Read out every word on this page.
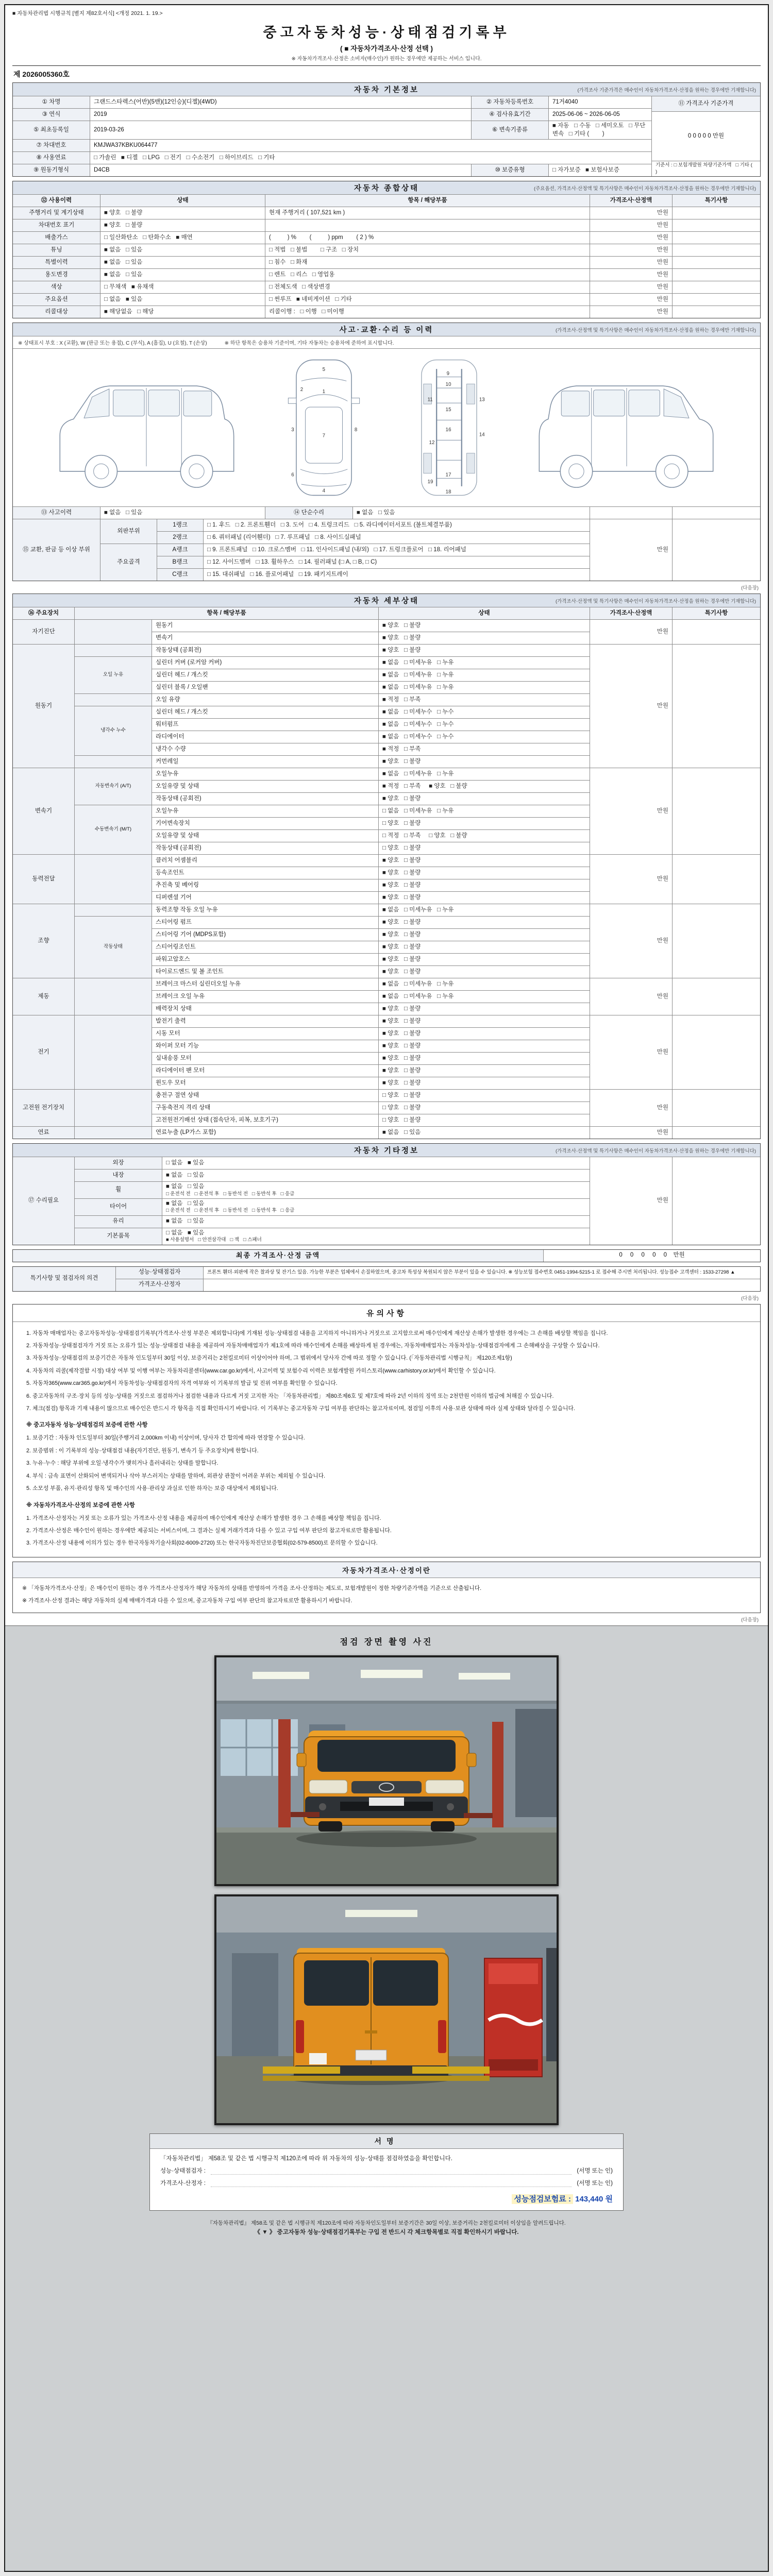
■ 자동차관리법 시행규칙 [별지 제82호서식] <개정 2021. 1. 19.>
중고자동차성능·상태점검기록부
( ■ 자동차가격조사·산정 선택 )
※ 자동차가격조사·산정은 소비자(매수인)가 원하는 경우에만 제공하는 서비스 입니다.
제 2026005360호
자동차 기본정보	(가격조사 기준가격은 매수인이 자동차가격조사·산정을 원하는 경우에만 기재합니다)
① 차명	그랜드스타렉스(어반)(5밴)(12인승)(디젤)(4WD)	② 자동차등록번호	71거4040
③ 연식	2019	④ 검사유효기간	2025-06-06 ~ 2026-06-05
⑤ 최초등록일	2019-03-26	⑥ 변속기종류
■ 자동   □ 수동   □ 세미오토   □ 무단변속   □ 기타 (        )
⑦ 차대번호	KMJWA37KBKU064477
⑧ 사용연료	□ 가솔린   ■ 디젤   □ LPG   □ 전기   □ 수소전기   □ 하이브리드   □ 기타
⑨ 원동기형식	D4CB	⑩ 보증유형	□ 자가보증   ■ 보험사보증
⑪ 가격조사 기준가격
0 0 0 0 0
만원
기준서 : □ 보험개발원 차량기준가액   □ 기타 (        )
자동차 종합상태	(주요옵션, 가격조사·산정액 및 특기사항은 매수인이 자동차가격조사·산정을 원하는 경우에만 기재합니다)
⑫ 사용이력	상태	항목 / 해당부품	가격조사·산정액	특기사항
주행거리 및 계기상태	■ 양호   □ 불량	현재 주행거리 ( 107,521 km )	만원
차대번호 표기	■ 양호   □ 불량	만원
배출가스	□ 일산화탄소   □ 탄화수소   ■ 매연	(          ) %        (          ) ppm        ( 2 ) %	만원
튜닝	■ 없음   □ 있음	□ 적법   □ 불법        □ 구조   □ 장치	만원
특별이력	■ 없음   □ 있음	□ 침수   □ 화재	만원
용도변경	■ 없음   □ 있음	□ 렌트   □ 리스   □ 영업용	만원
색상	□ 무채색   ■ 유채색	□ 전체도색   □ 색상변경	만원
주요옵션	□ 없음   ■ 있음	□ 썬루프   ■ 네비게이션   □ 기타	만원
리콜대상	■ 해당없음   □ 해당	리콜이행 :   □ 이행   □ 미이행	만원
사고·교환·수리 등 이력	(가격조사·산정액 및 특기사항은 매수인이 자동차가격조사·산정을 원하는 경우에만 기재합니다)
※ 상태표시 부호 : X (교환), W (판금 또는 용접), C (부식), A (흠집), U (요철), T (손상)	※ 하단 항목은 승용차 기준이며, 기타 자동차는 승용차에 준하여 표시합니다.
5
1
2
3
6
7
4
8
9
10
11
15
12
16
13
14
17
19
18
⑬ 사고이력	■ 없음   □ 있음	⑭ 단순수리	■ 없음   □ 있음
⑮ 교환, 판금 등 이상 부위
외판부위
1랭크	□ 1. 후드   □ 2. 프론트휀더   □ 3. 도어   □ 4. 트렁크리드   □ 5. 라디에이터서포트 (볼트체결부품)
2랭크	□ 6. 쿼터패널 (리어휀더)   □ 7. 루프패널   □ 8. 사이드실패널
주요골격
A랭크	□ 9. 프론트패널   □ 10. 크로스멤버   □ 11. 인사이드패널 (내/외)   □ 17. 트렁크플로어   □ 18. 리어패널
B랭크	□ 12. 사이드멤버   □ 13. 휠하우스   □ 14. 필러패널 (□ A, □ B, □ C)
C랭크	□ 15. 대쉬패널   □ 16. 플로어패널   □ 19. 패키지트레이
만원
(다음장)
자동차 세부상태	(가격조사·산정액 및 특기사항은 매수인이 자동차가격조사·산정을 원하는 경우에만 기재합니다)
⑯ 주요장치	항목 / 해당부품	상태	가격조사·산정액	특기사항
자기진단
원동기	■ 양호   □ 불량
변속기	■ 양호   □ 불량
만원
원동기
작동상태 (공회전)	■ 양호   □ 불량
오일 누유
실린더 커버 (로커암 커버)	■ 없음   □ 미세누유   □ 누유
실린더 헤드 / 개스킷	■ 없음   □ 미세누유   □ 누유
실린더 블록 / 오일팬	■ 없음   □ 미세누유   □ 누유
오일 유량	■ 적정   □ 부족
냉각수 누수
실린더 헤드 / 개스킷	■ 없음   □ 미세누수   □ 누수
워터펌프	■ 없음   □ 미세누수   □ 누수
라디에이터	■ 없음   □ 미세누수   □ 누수
냉각수 수량	■ 적정   □ 부족
커먼레일	■ 양호   □ 불량
만원
변속기
자동변속기 (A/T)
오일누유	■ 없음   □ 미세누유   □ 누유
오일유량 및 상태	■ 적정   □ 부족     ■ 양호   □ 불량
작동상태 (공회전)	■ 양호   □ 불량
수동변속기 (M/T)
오일누유	□ 없음   □ 미세누유   □ 누유
기어변속장치	□ 양호   □ 불량
오일유량 및 상태	□ 적정   □ 부족     □ 양호   □ 불량
작동상태 (공회전)	□ 양호   □ 불량
만원
동력전달
클러치 어셈블리	■ 양호   □ 불량
등속조인트	■ 양호   □ 불량
추진축 및 베어링	■ 양호   □ 불량
디퍼렌셜 기어	■ 양호   □ 불량
만원
조향
동력조향 작동 오일 누유	■ 없음   □ 미세누유   □ 누유
작동상태
스티어링 펌프	■ 양호   □ 불량
스티어링 기어 (MDPS포함)	■ 양호   □ 불량
스티어링조인트	■ 양호   □ 불량
파워고압호스	■ 양호   □ 불량
타이로드엔드 및 볼 조인트	■ 양호   □ 불량
만원
제동
브레이크 마스터 실린더오일 누유	■ 없음   □ 미세누유   □ 누유
브레이크 오일 누유	■ 없음   □ 미세누유   □ 누유
배력장치 상태	■ 양호   □ 불량
만원
전기
발전기 출력	■ 양호   □ 불량
시동 모터	■ 양호   □ 불량
와이퍼 모터 기능	■ 양호   □ 불량
실내송풍 모터	■ 양호   □ 불량
라디에이터 팬 모터	■ 양호   □ 불량
윈도우 모터	■ 양호   □ 불량
만원
고전원 전기장치
충전구 절연 상태	□ 양호   □ 불량
구동축전지 격리 상태	□ 양호   □ 불량
고전원전기배선 상태 (접속단자, 피복, 보호기구)	□ 양호   □ 불량
만원
연료	연료누출 (LP가스 포함)	■ 없음   □ 있음	만원
자동차 기타정보	(가격조사·산정액 및 특기사항은 매수인이 자동차가격조사·산정을 원하는 경우에만 기재합니다)
⑰ 수리필요
외장	□ 없음   ■ 있음
내장	■ 없음   □ 있음
휠
■ 없음   □ 있음
□ 운전석 전   □ 운전석 후   □ 동반석 전   □ 동반석 후   □ 응급
타이어
■ 없음   □ 있음
□ 운전석 전   □ 운전석 후   □ 동반석 전   □ 동반석 후   □ 응급
유리	■ 없음   □ 있음
기본품목
□ 없음   ■ 있음
■ 사용설명서   □ 안전삼각대   □ 잭   □ 스패너
만원
최종 가격조사·산정 금액	0 0 0 0 0
만원
특기사항 및 점검자의 의견
성능·상태점검자	프론트 휀더·외판에 작은 찰과상 및 잔기스 있음. 가능한 부분은 업체에서 손질하였으며, 중고차 특성상 복원되지 않은 부분이 있을 수 있습니다. ※ 성능보험 접수번호 0451-1994-5215-1 로 접수해 주시면 처리됩니다. 성능접수 고객센터 : 1533-27298 ▲
가격조사·산정자
(다음장)
유의사항

1. 자동차 매매업자는 중고자동차성능·상태점검기록부(가격조사·산정 부분은 제외합니다)에 기재된 성능·상태점검 내용을 고지하지 아니하거나 거짓으로 고지함으로써 매수인에게 재산상 손해가 발생한 경우에는 그 손해를 배상할 책임을 집니다.

2. 자동차성능·상태점검자가 거짓 또는 오류가 있는 성능·상태점검 내용을 제공하여 자동차매매업자가 제1호에 따라 매수인에게 손해를 배상하게 된 경우에는, 자동차매매업자는 자동차성능·상태점검자에게 그 손해배상을 구상할 수 있습니다.

3. 자동차성능·상태점검의 보증기간은 자동차 인도일부터 30일 이상, 보증거리는 2천킬로미터 이상이어야 하며, 그 범위에서 당사자 간에 따로 정할 수 있습니다. (「자동차관리법 시행규칙」 제120조제1항)

4. 자동차의 리콜(제작결함 시정) 대상 여부 및 이행 여부는 자동차리콜센터(www.car.go.kr)에서, 사고이력 및 보험수리 이력은 보험개발원 카히스토리(www.carhistory.or.kr)에서 확인할 수 있습니다.

5. 자동차365(www.car365.go.kr)에서 자동차성능·상태점검자의 자격 여부와 이 기록부의 발급 및 진위 여부를 확인할 수 있습니다.

6. 중고자동차의 구조·장치 등의 성능·상태를 거짓으로 점검하거나 점검한 내용과 다르게 거짓 고지한 자는 「자동차관리법」 제80조제6호 및 제7호에 따라 2년 이하의 징역 또는 2천만원 이하의 벌금에 처해질 수 있습니다.

7. 체크(점검) 항목과 기재 내용이 많으므로 매수인은 반드시 각 항목을 직접 확인하시기 바랍니다. 이 기록부는 중고자동차 구입 여부를 판단하는 참고자료이며, 점검일 이후의 사용·보관 상태에 따라 실제 상태와 달라질 수 있습니다.

※ 중고자동차 성능·상태점검의 보증에 관한 사항

1. 보증기간 : 자동차 인도일부터 30일(주행거리 2,000km 이내) 이상이며, 당사자 간 합의에 따라 연장할 수 있습니다.

2. 보증범위 : 이 기록부의 성능·상태점검 내용(자기진단, 원동기, 변속기 등 주요장치)에 한합니다.

3. 누유·누수 : 해당 부위에 오일·냉각수가 맺히거나 흘러내리는 상태를 말합니다.

4. 부식 : 금속 표면이 산화되어 변색되거나 삭아 부스러지는 상태를 말하며, 외관상 관찰이 어려운 부위는 제외될 수 있습니다.

5. 소모성 부품, 유지·관리성 항목 및 매수인의 사용·관리상 과실로 인한 하자는 보증 대상에서 제외됩니다.

※ 자동차가격조사·산정의 보증에 관한 사항

1. 가격조사·산정자는 거짓 또는 오류가 있는 가격조사·산정 내용을 제공하여 매수인에게 재산상 손해가 발생한 경우 그 손해를 배상할 책임을 집니다.

2. 가격조사·산정은 매수인이 원하는 경우에만 제공되는 서비스이며, 그 결과는 실제 거래가격과 다를 수 있고 구입 여부 판단의 참고자료로만 활용됩니다.

3. 가격조사·산정 내용에 이의가 있는 경우 한국자동차기술사회(02-6009-2720) 또는 한국자동차진단보증협회(02-579-8500)로 문의할 수 있습니다.

자동차가격조사·산정이란

※ 「자동차가격조사·산정」은 매수인이 원하는 경우 가격조사·산정자가 해당 자동차의 상태를 반영하여 가격을 조사·산정하는 제도로, 보험개발원이 정한 차량기준가액을 기준으로 산출됩니다.

※ 가격조사·산정 결과는 해당 자동차의 실제 매매가격과 다를 수 있으며, 중고자동차 구입 여부 판단의 참고자료로만 활용하시기 바랍니다.

(다음장)
점검 장면 촬영 사진
서명

「자동차관리법」 제58조 및 같은 법 시행규칙 제120조에 따라 위 자동차의 성능·상태를 점검하였음을 확인합니다.

성능·상태점검자 :	(서명 또는 인)
가격조사·산정자 :	(서명 또는 인)
성능점검보험료 : 143,440 원

『자동차관리법』 제58조 및 같은 법 시행규칙 제120조에 따라 자동차인도일부터 보증기간은 30일 이상, 보증거리는 2천킬로미터 이상임을 알려드립니다.

《 ▼ 》 중고자동차 성능·상태점검기록부는 구입 전 반드시 각 체크항목별로 직접 확인하시기 바랍니다.
